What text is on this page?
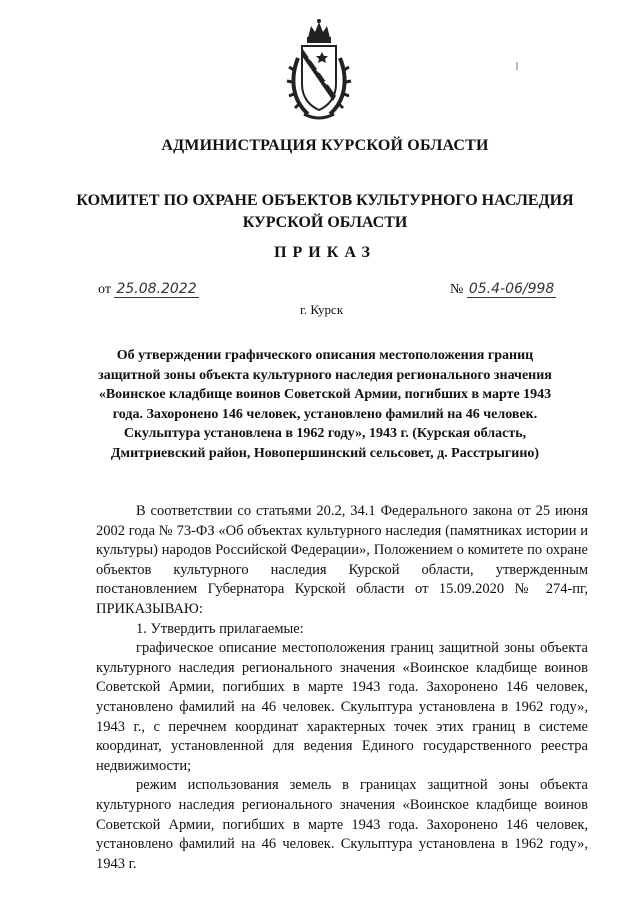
АДМИНИСТРАЦИЯ КУРСКОЙ ОБЛАСТИ
КОМИТЕТ ПО ОХРАНЕ ОБЪЕКТОВ КУЛЬТУРНОГО НАСЛЕДИЯ
КУРСКОЙ ОБЛАСТИ
ПРИКАЗ
от 25.08.2022	№ 05.4-06/998
г. Курск
Об утверждении графического описания местоположения границ защитной зоны объекта культурного наследия регионального значения «Воинское кладбище воинов Советской Армии, погибших в марте 1943 года. Захоронено 146 человек, установлено фамилий на 46 человек. Скульптура установлена в 1962 году», 1943 г. (Курская область, Дмитриевский район, Новопершинский сельсовет, д. Расстрыгино)

В соответствии со статьями 20.2, 34.1 Федерального закона от 25 июня 2002 года № 73-ФЗ «Об объектах культурного наследия (памятниках истории и культуры) народов Российской Федерации», Положением о комитете по охране объектов культурного наследия Курской области, утвержденным постановлением Губернатора Курской области от 15.09.2020 № 274-пг, ПРИКАЗЫВАЮ:

1. Утвердить прилагаемые:

графическое описание местоположения границ защитной зоны объекта культурного наследия регионального значения «Воинское кладбище воинов Советской Армии, погибших в марте 1943 года. Захоронено 146 человек, установлено фамилий на 46 человек. Скульптура установлена в 1962 году», 1943 г., с перечнем координат характерных точек этих границ в системе координат, установленной для ведения Единого государственного реестра недвижимости;

режим использования земель в границах защитной зоны объекта культурного наследия регионального значения «Воинское кладбище воинов Советской Армии, погибших в марте 1943 года. Захоронено 146 человек, установлено фамилий на 46 человек. Скульптура установлена в 1962 году», 1943 г.
